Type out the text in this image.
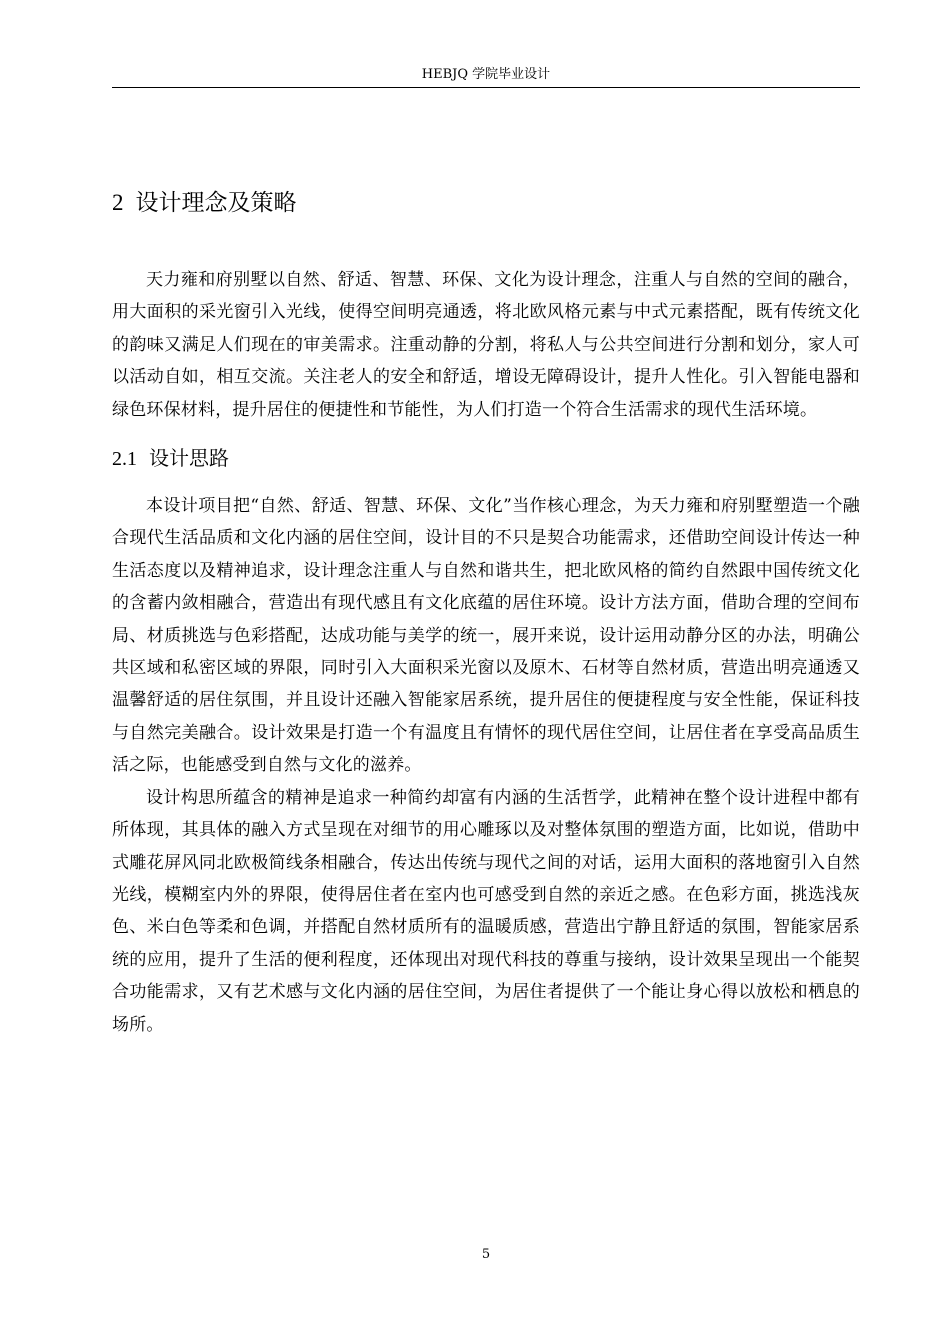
HEBJQ 学院毕业设计
2 设计理念及策略

天力雍和府别墅以自然、舒适、智慧、环保、文化为设计理念，注重人与自然的空间的融合，用大面积的采光窗引入光线，使得空间明亮通透，将北欧风格元素与中式元素搭配，既有传统文化的韵味又满足人们现在的审美需求。注重动静的分割，将私人与公共空间进行分割和划分，家人可以活动自如，相互交流。关注老人的安全和舒适，增设无障碍设计，提升人性化。引入智能电器和绿色环保材料，提升居住的便捷性和节能性，为人们打造一个符合生活需求的现代生活环境。

2.1 设计思路

本设计项目把“自然、舒适、智慧、环保、文化”当作核心理念，为天力雍和府别墅塑造一个融合现代生活品质和文化内涵的居住空间，设计目的不只是契合功能需求，还借助空间设计传达一种生活态度以及精神追求，设计理念注重人与自然和谐共生，把北欧风格的简约自然跟中国传统文化的含蓄内敛相融合，营造出有现代感且有文化底蕴的居住环境。设计方法方面，借助合理的空间布局、材质挑选与色彩搭配，达成功能与美学的统一，展开来说，设计运用动静分区的办法，明确公共区域和私密区域的界限，同时引入大面积采光窗以及原木、石材等自然材质，营造出明亮通透又温馨舒适的居住氛围，并且设计还融入智能家居系统，提升居住的便捷程度与安全性能，保证科技与自然完美融合。设计效果是打造一个有温度且有情怀的现代居住空间，让居住者在享受高品质生活之际，也能感受到自然与文化的滋养。

设计构思所蕴含的精神是追求一种简约却富有内涵的生活哲学，此精神在整个设计进程中都有所体现，其具体的融入方式呈现在对细节的用心雕琢以及对整体氛围的塑造方面，比如说，借助中式雕花屏风同北欧极简线条相融合，传达出传统与现代之间的对话，运用大面积的落地窗引入自然光线，模糊室内外的界限，使得居住者在室内也可感受到自然的亲近之感。在色彩方面，挑选浅灰色、米白色等柔和色调，并搭配自然材质所有的温暖质感，营造出宁静且舒适的氛围，智能家居系统的应用，提升了生活的便利程度，还体现出对现代科技的尊重与接纳，设计效果呈现出一个能契合功能需求，又有艺术感与文化内涵的居住空间，为居住者提供了一个能让身心得以放松和栖息的场所。

5
